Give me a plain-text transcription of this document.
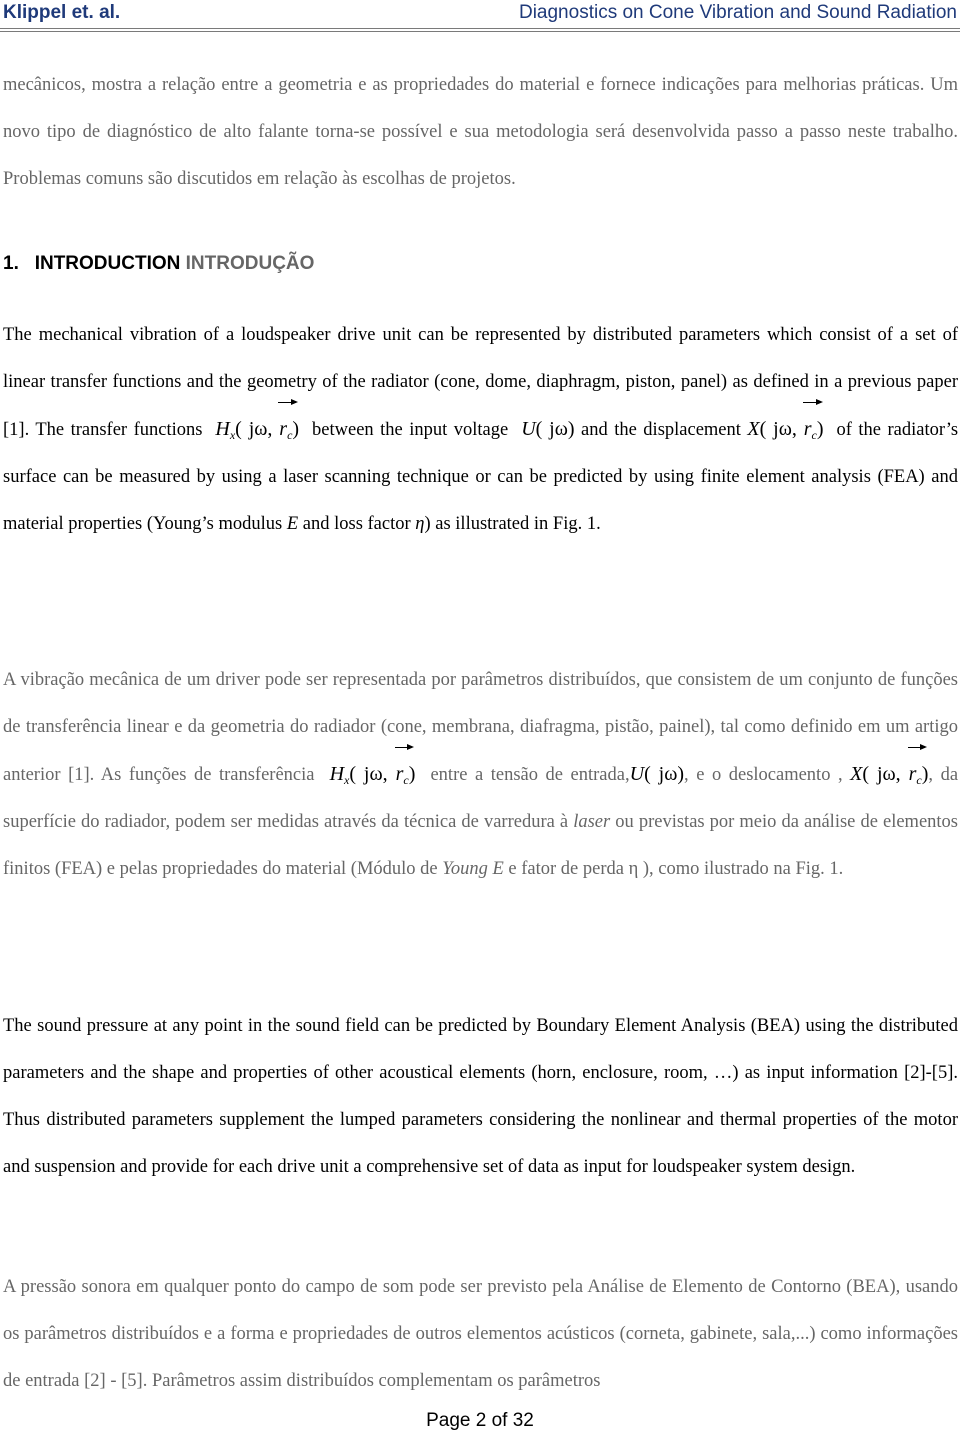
Klippel et. al.	Diagnostics on Cone Vibration and Sound Radiation

mecânicos, mostra a relação entre a geometria e as propriedades do material e fornece indicações para melhorias práticas. Um novo tipo de diagnóstico de alto falante torna-se possível e sua metodologia será desenvolvida passo a passo neste trabalho. Problemas comuns são discutidos em relação às escolhas de projetos.

1. INTRODUCTION INTRODUÇÃO

The mechanical vibration of a loudspeaker drive unit can be represented by distributed parameters which consist of a set of linear transfer functions and the geometry of the radiator (cone, dome, diaphragm, piston, panel) as defined in a previous paper [1]. The transfer functions $H_x$( jω, $r_c$) between the input voltage U( jω) and the displacement X( jω, $r_c$) of the radiator’s surface can be measured by using a laser scanning technique or can be predicted by using finite element analysis (FEA) and material properties (Young’s modulus E and loss factor η) as illustrated in Fig. 1.

A vibração mecânica de um driver pode ser representada por parâmetros distribuídos, que consistem de um conjunto de funções de transferência linear e da geometria do radiador (cone, membrana, diafragma, pistão, painel), tal como definido em um artigo anterior [1]. As funções de transferência $H_x$( jω, $r_c$) entre a tensão de entrada,U( jω), e o deslocamento , X( jω, $r_c$), da superfície do radiador, podem ser medidas através da técnica de varredura à laser ou previstas por meio da análise de elementos finitos (FEA) e pelas propriedades do material (Módulo de Young E e fator de perda η ), como ilustrado na Fig. 1.

The sound pressure at any point in the sound field can be predicted by Boundary Element Analysis (BEA) using the distributed parameters and the shape and properties of other acoustical elements (horn, enclosure, room, …) as input information [2]-[5]. Thus distributed parameters supplement the lumped parameters considering the nonlinear and thermal properties of the motor and suspension and provide for each drive unit a comprehensive set of data as input for loudspeaker system design.

A pressão sonora em qualquer ponto do campo de som pode ser previsto pela Análise de Elemento de Contorno (BEA), usando os parâmetros distribuídos e a forma e propriedades de outros elementos acústicos (corneta, gabinete, sala,...) como informações de entrada [2] - [5]. Parâmetros assim distribuídos complementam os parâmetros

Page 2 of 32
